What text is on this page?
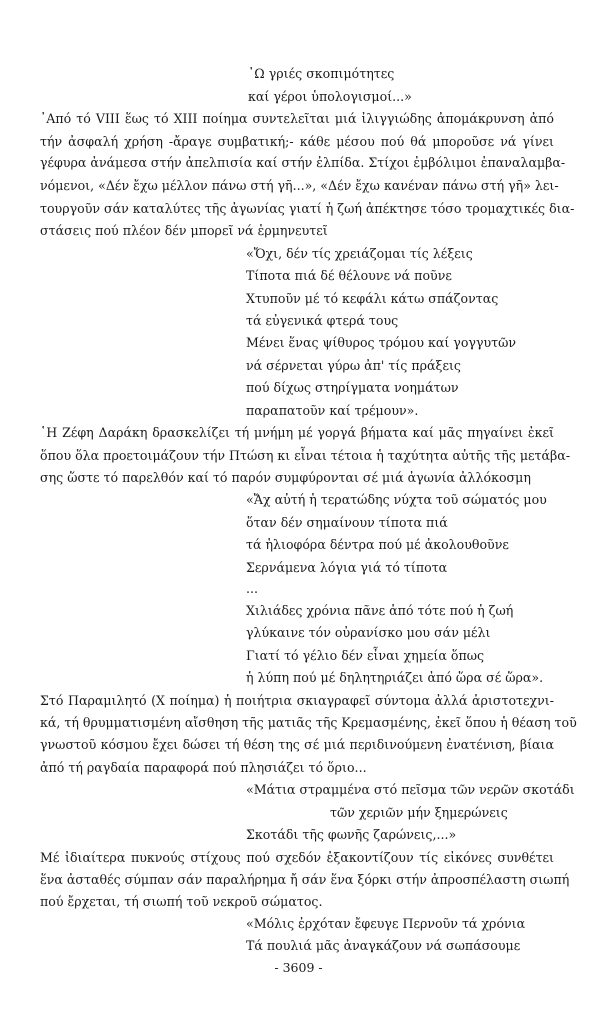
᾿Ω γριές σκοπιμότητες
καί γέροι ὑπολογισμοί...»
᾿Από τό VIII ἕως τό XIII ποίημα συντελεῖται μιά ἰλιγγιώδης ἀπομάκρυνση ἀπό
τήν ἀσφαλή χρήση -ἄραγε συμβατική;- κάθε μέσου πού θά μποροῦσε νά γίνει
γέφυρα ἀνάμεσα στήν ἀπελπισία καί στήν ἐλπίδα. Στίχοι ἐμβόλιμοι ἐπαναλαμβα-
νόμενοι, «Δέν ἔχω μέλλον πάνω στή γῆ...», «Δέν ἔχω κανέναν πάνω στή γῆ» λει-
τουργοῦν σάν καταλύτες τῆς ἀγωνίας γιατί ἡ ζωή ἀπέκτησε τόσο τρομαχτικές δια-
στάσεις πού πλέον δέν μπορεῖ νά ἑρμηνευτεῖ
«Ὄχι, δέν τίς χρειάζομαι τίς λέξεις
Τίποτα πιά δέ θέλουνε νά ποῦνε
Χτυποῦν μέ τό κεφάλι κάτω σπάζοντας
τά εὐγενικά φτερά τους
Μένει ἕνας ψίθυρος τρόμου καί γογγυτῶν
νά σέρνεται γύρω ἀπ' τίς πράξεις
πού δίχως στηρίγματα νοημάτων
παραπατοῦν καί τρέμουν».
῾Η Ζέφη Δαράκη δρασκελίζει τή μνήμη μέ γοργά βήματα καί μᾶς πηγαίνει ἐκεῖ
ὅπου ὅλα προετοιμάζουν τήν Πτώση κι εἶναι τέτοια ἡ ταχύτητα αὐτῆς τῆς μετάβα-
σης ὥστε τό παρελθόν καί τό παρόν συμφύρονται σέ μιά ἀγωνία ἀλλόκοσμη
«Ἄχ αὐτή ἡ τερατώδης νύχτα τοῦ σώματός μου
ὅταν δέν σημαίνουν τίποτα πιά
τά ἡλιοφόρα δέντρα πού μέ ἀκολουθοῦνε
Σερνάμενα λόγια γιά τό τίποτα
...
Χιλιάδες χρόνια πᾶνε ἀπό τότε πού ἡ ζωή
γλύκαινε τόν οὐρανίσκο μου σάν μέλι
Γιατί τό γέλιο δέν εἶναι χημεία ὅπως
ἡ λύπη πού μέ δηλητηριάζει ἀπό ὥρα σέ ὥρα».
Στό Παραμιλητό (X ποίημα) ἡ ποιήτρια σκιαγραφεῖ σύντομα ἀλλά ἀριστοτεχνι-
κά, τή θρυμματισμένη αἴσθηση τῆς ματιᾶς τῆς Κρεμασμένης, ἐκεῖ ὅπου ἡ θέαση τοῦ
γνωστοῦ κόσμου ἔχει δώσει τή θέση της σέ μιά περιδινούμενη ἐνατένιση, βίαια
ἀπό τή ραγδαία παραφορά πού πλησιάζει τό ὅριο...
«Μάτια στραμμένα στό πεῖσμα τῶν νερῶν σκοτάδι
τῶν χεριῶν μήν ξημερώνεις
Σκοτάδι τῆς φωνῆς ζαρώνεις,...»
Μέ ἰδιαίτερα πυκνούς στίχους πού σχεδόν ἐξακοντίζουν τίς εἰκόνες συνθέτει
ἕνα ἀσταθές σύμπαν σάν παραλήρημα ἤ σάν ἕνα ξόρκι στήν ἀπροσπέλαστη σιωπή
πού ἔρχεται, τή σιωπή τοῦ νεκροῦ σώματος.
«Μόλις ἐρχόταν ἔφευγε Περνοῦν τά χρόνια
Τά πουλιά μᾶς ἀναγκάζουν νά σωπάσουμε
- 3609 -
